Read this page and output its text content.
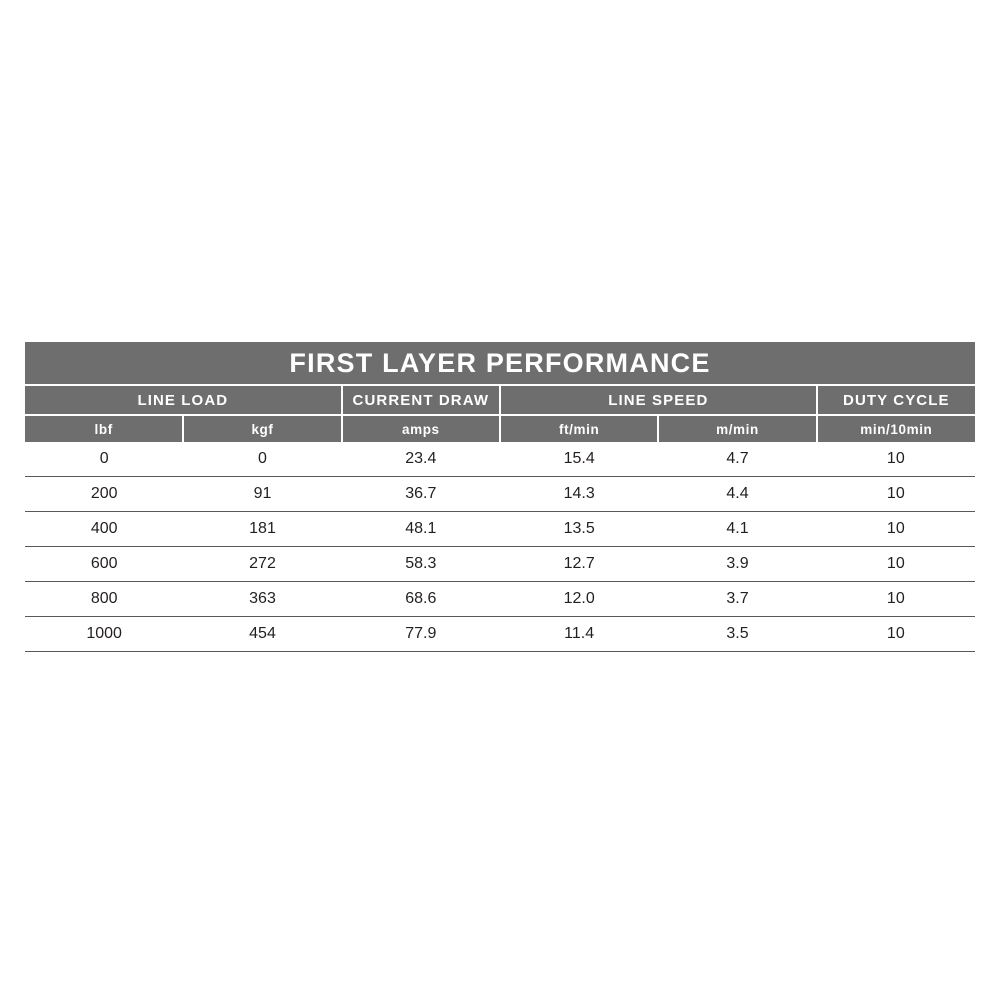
FIRST LAYER PERFORMANCE					
LINE LOAD		CURRENT DRAW	LINE SPEED		DUTY CYCLE
lbf	kgf	amps	ft/min	m/min	min/10min
0	0	23.4	15.4	4.7	10
200	91	36.7	14.3	4.4	10
400	181	48.1	13.5	4.1	10
600	272	58.3	12.7	3.9	10
800	363	68.6	12.0	3.7	10
1000	454	77.9	11.4	3.5	10
